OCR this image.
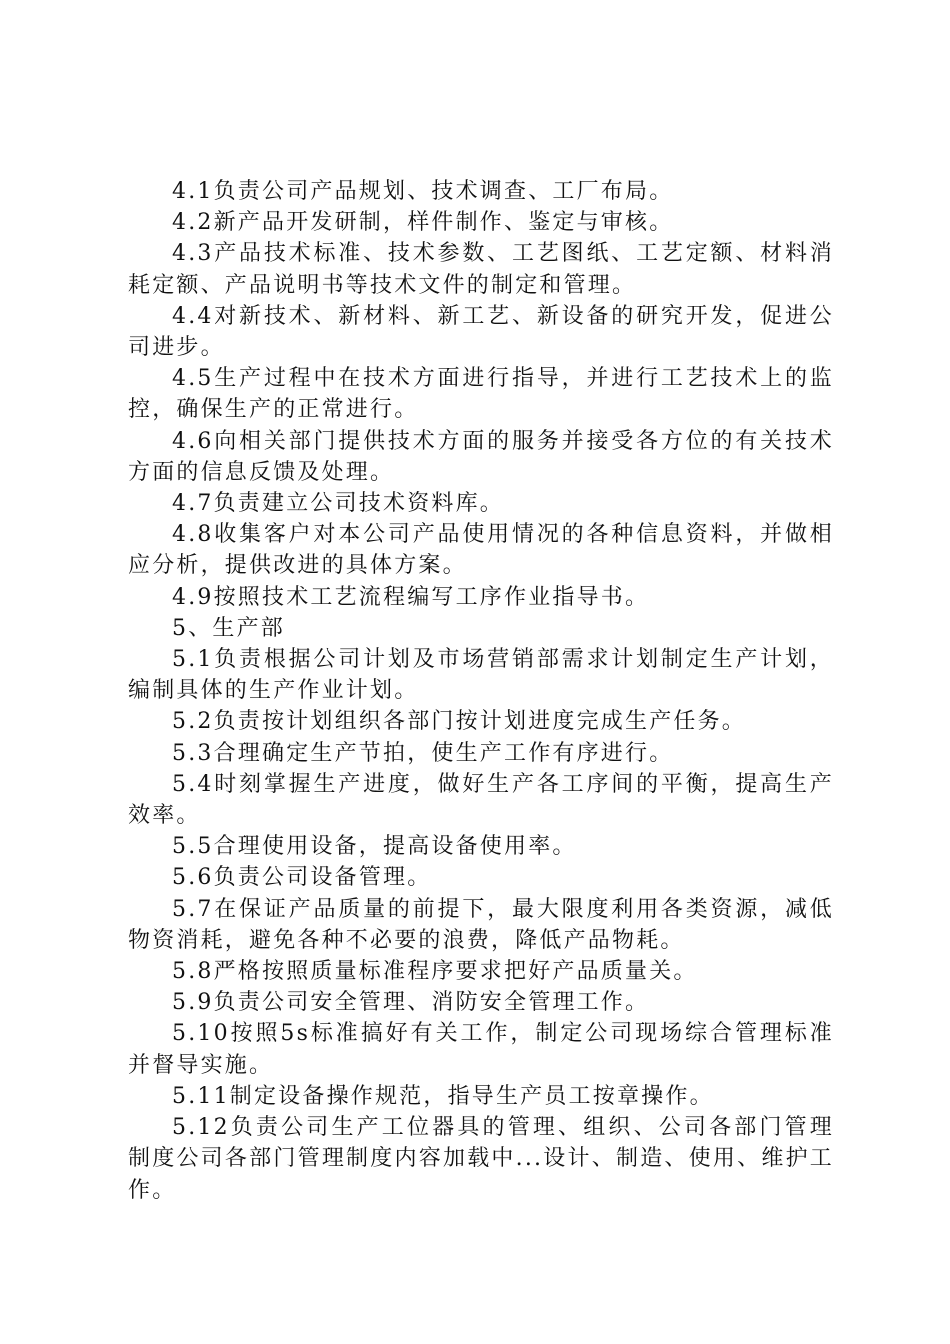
4.1负责公司产品规划、技术调查、工厂布局。

4.2新产品开发研制，样件制作、鉴定与审核。

4.3产品技术标准、技术参数、工艺图纸、工艺定额、材料消耗定额、产品说明书等技术文件的制定和管理。

4.4对新技术、新材料、新工艺、新设备的研究开发，促进公司进步。

4.5生产过程中在技术方面进行指导，并进行工艺技术上的监控，确保生产的正常进行。

4.6向相关部门提供技术方面的服务并接受各方位的有关技术方面的信息反馈及处理。

4.7负责建立公司技术资料库。

4.8收集客户对本公司产品使用情况的各种信息资料，并做相应分析，提供改进的具体方案。

4.9按照技术工艺流程编写工序作业指导书。

5、生产部

5.1负责根据公司计划及市场营销部需求计划制定生产计划，编制具体的生产作业计划。

5.2负责按计划组织各部门按计划进度完成生产任务。

5.3合理确定生产节拍，使生产工作有序进行。

5.4时刻掌握生产进度，做好生产各工序间的平衡，提高生产效率。

5.5合理使用设备，提高设备使用率。

5.6负责公司设备管理。

5.7在保证产品质量的前提下，最大限度利用各类资源，减低物资消耗，避免各种不必要的浪费，降低产品物耗。

5.8严格按照质量标准程序要求把好产品质量关。

5.9负责公司安全管理、消防安全管理工作。

5.10按照5s标准搞好有关工作，制定公司现场综合管理标准并督导实施。

5.11制定设备操作规范，指导生产员工按章操作。

5.12负责公司生产工位器具的管理、组织、公司各部门管理制度公司各部门管理制度内容加载中...设计、制造、使用、维护工作。
